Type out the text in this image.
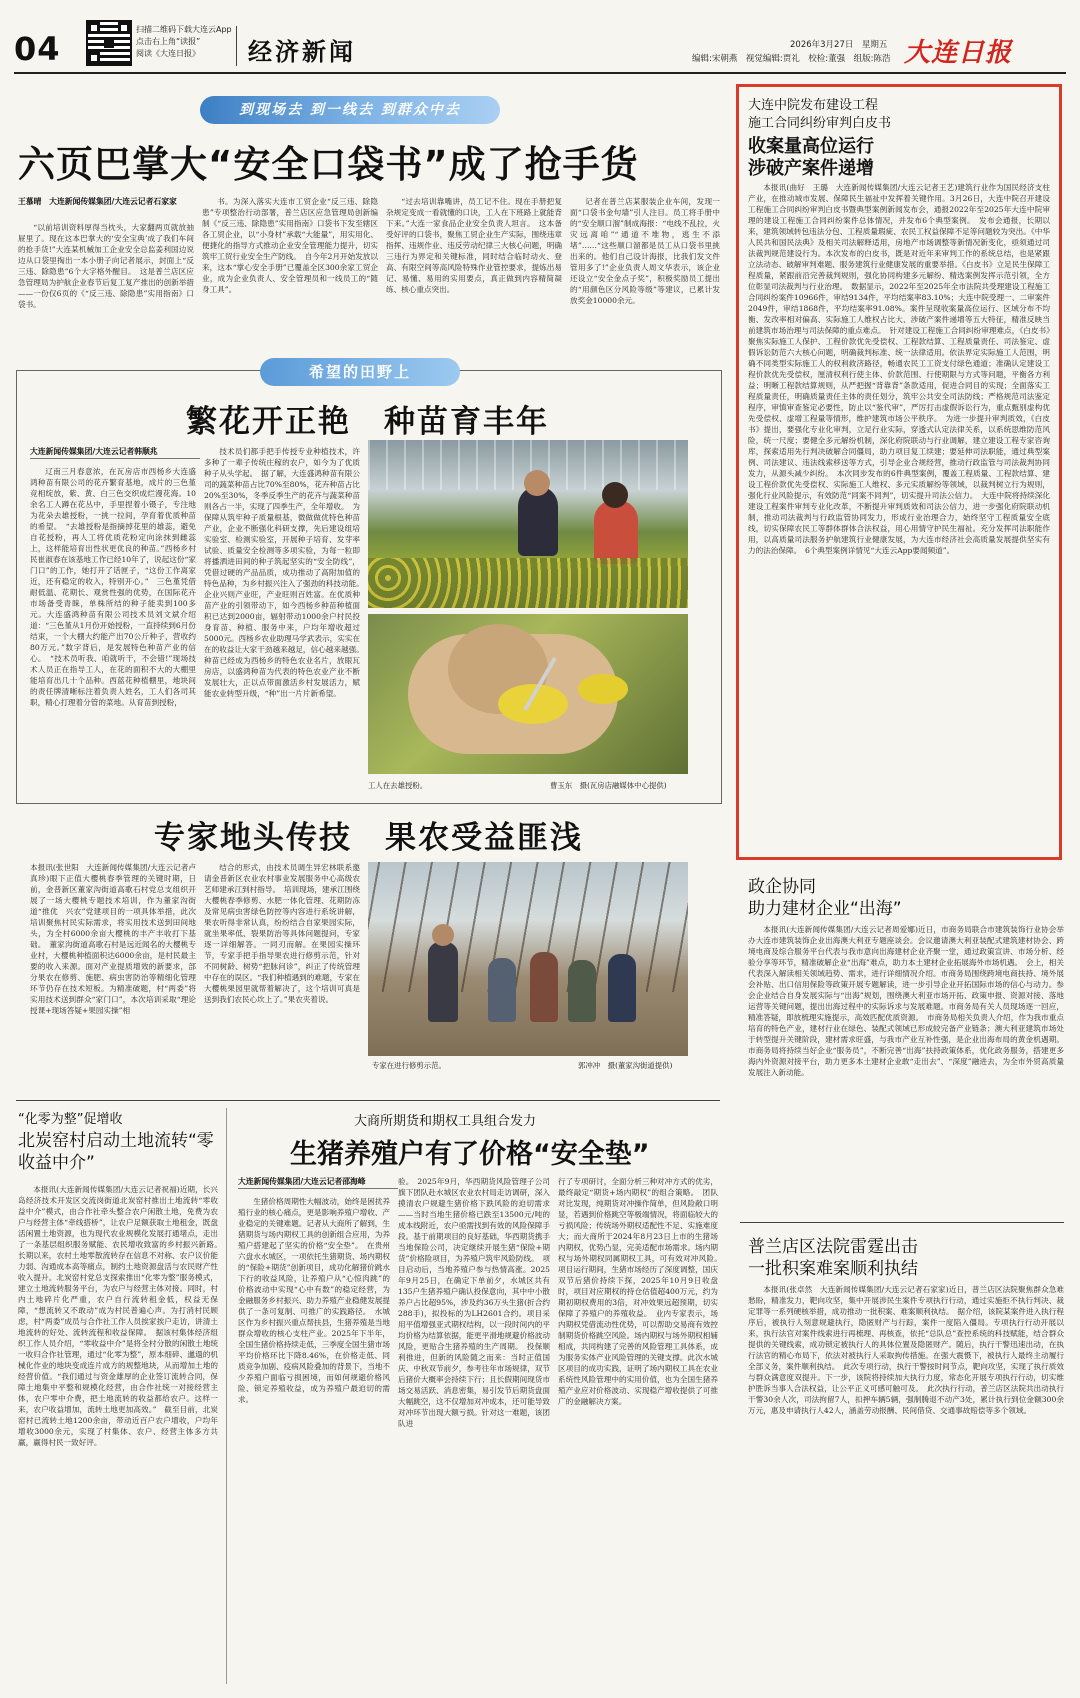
04
扫描二维码下载大连云App
点击右上角“读报”
阅读《大连日报》	经济新闻	2026年3月27日　星期五
编辑:宋朝燕　视觉编辑:贾礼　校检:董强　组版:陈浩 大连日报
到现场去 到一线去 到群众中去
六页巴掌大“安全口袋书”成了抢手货
王慕晴　大连新闻传媒集团/大连云记者石家家
“以前培训资料厚得当枕头，大家翻两页就放抽屉里了。现在这本巴掌大的‘安全宝典’成了我们车间的抢手货!”大连某机械加工企业安全总监姜利国边说边从口袋里掏出一本小册子向记者展示，封面上“反三违、除隐患”6个大字格外醒目。　这是普兰店区应急管理局为护航企业春节后复工复产推出的创新举措——一份仅6页的《“反三违、除隐患”实用指南》口袋书。
书。为深入落实大连市工贸企业“反三违、除隐患”专项整治行动部署，普兰店区应急管理局创新编制《“反三违、除隐患”实用指南》口袋书下发至辖区各工贸企业，以“小身材”承载“大能量”，用实用化、便捷化的指导方式推动企业安全管理能力提升，切实筑牢工贸行业安全生产防线。　自今年2月开始发放以来，这本“掌心安全手册”已覆盖全区300余家工贸企业，成为企业负责人、安全管理员和一线员工的“随身工具”。
“过去培训靠嘴讲，员工记不住。现在手册把复杂规定变成一看就懂的口诀，工人在下班路上就能背下来。”大连一家食品企业安全负责人坦言。　这本备受好评的口袋书，聚焦工贸企业生产实际，围绕违章指挥、违规作业、违反劳动纪律三大核心问题，明确三违行为界定和关键标准，同时结合临时动火、登高、有限空间等高风险特殊作业管控要求，提炼出易记、易懂、易用的实用要点，真正做到内容精简凝练、核心重点突出。
记者在普兰店某服装企业车间，发现一面“口袋书金句墙”引人注目。员工将手册中的“安全顺口溜”制成海报：“电线不乱拉，火灾远离咱”“通道不堆物，逃生不添堵”……“这些顺口溜都是员工从口袋书里挑出来的。他们自己设计海报，比我们发文件管用多了!”企业负责人周文华表示，该企业还设立“安全金点子奖”，积极奖励员工提出的“用颜色区分风险等级”等建议，已累计发放奖金10000余元。
希望的田野上
繁花开正艳　种苗育丰年
大连新闻传媒集团/大连云记者韩顺兆
辽南三月春意浓，在瓦房店市西杨乡大连盛鸿种苗有限公司的花卉繁育基地，成片的三色堇竞相绽放，紫、黄、白三色交织成烂漫花海。10余名工人蹲在花丛中，手里捏着小镊子，专注地为花朵去雄授粉，一挑一拉间，孕育着优质种苗的希望。　“去雄授粉是指摘掉花里的雄蕊，避免自花授粉，再人工将优质花粉定向涂抹到雌蕊上，这样能培育出性状更优良的种苗。”西杨乡村民崔淑春在该基地工作已经10年了，说起这份“家门口”的工作，她打开了话匣子，“这份工作离家近，还有稳定的收入，特别开心。”　三色堇凭借耐低温、花期长、观赏性强的优势，在国际花卉市场备受青睐，单株所结的种子能卖到100多元。大连盛鸿种苗有限公司技术员刘文斌介绍道：“三色堇从1月份开始授粉，一直持续到6月份结束，一个大棚大约能产出70公斤种子，营收约80万元。”数字背后，是发展特色种苗产业的信心。　“技术员听我、咱就听干，不会错!”现场技术人员正在指导工人，在花的面积不大的大棚里能培育出几十个品种。西蓝花种植棚里，地块间的责任牌清晰标注着负责人姓名，工人们各司其职，精心打理着分管的菜地。从育苗到授粉，
技术员们都手把手传授专业种植技术，许多种了一辈子传统庄稼的农户，如今为了优质种子从头学起。　据了解，大连盛鸿种苗有限公司的蔬菜种苗占比70%至80%，花卉种苗占比20%至30%，冬季反季生产的花卉与蔬菜种苗则各占一半，实现了四季生产，全年增收。　为保障从筑牢种子质量根基，微做做优特色种苗产业，企业不断强化科研支撑，先后建设组培实验室、检测实验室，开展种子培育、发芽率试验、质量安全检测等多项实验，为每一粒即将播洒进田间的种子筑起坚实的“安全防线”，凭借过硬的产品品质，成功推动了高附加值的特色品种，为乡村振兴注入了强劲的科技动能。　企业兴则产业旺，产业旺则百姓富。在优质种苗产业的引领带动下，如今西杨乡种苗种植面积已达到2000亩，辐射带动1000余户村民投身育苗、种植、服务中来，户均年增收超过5000元。西杨乡农业助理马学武表示，实实在在的收益让大家干劲越来越足，信心越来越强。　种苗已经成为西杨乡的特色农业名片，放眼瓦房店，以盛鸿种苗为代表的特色农业产业不断发展壮大，正以点带面激活乡村发展活力，赋能农业转型升级，“种”出一片片新希望。
工人在去雄授粉。	曹玉东　摄(瓦房店融媒体中心提供)
专家地头传技　果农受益匪浅
本报讯(张世阳　大连新闻传媒集团/大连云记者卢真珍)眼下正值大樱桃春季管理的关键时期，日前，金普新区董家沟街道高歌石村党总支组织开展了一场大樱桃专题技术培训，作为董家沟街道“推优　兴农”党建项目的一项具体举措，此次培训聚焦村民实际需求，将实用技术送到田间地头，为全村6000余亩大樱桃的丰产丰收打下基础。　董家沟街道高歌石村是远近闻名的大樱桃专业村，大樱桃种植面积达6000余亩，是村民最主要的收入来源。面对产业提质增效的新要求，部分果农在修剪、施肥、病虫害防治等精细化管理环节仍存在技术短板。为精准破题，村“两委”将实用技术送到群众“家门口”，本次培训采取“理论授课+现场答疑+果园实操”相
结合的形式，由技术员调生异宏林联系邀请金普新区农业农村事业发展服务中心高级农艺师建承江到村指导。　培训现场，建承江围绕大樱桃春季修剪、水肥一体化管理、花期防冻及常见病虫害绿色防控等内容进行系统讲解，果农听得非常认真，纷纷结合自家果园实际，就坐果率低、裂果防治等具体问题提问，专家逐一详细解答。一同刃而解。在果园实操环节，专家手把手指导果农进行修剪示范，针对不同树龄、树势“把脉问诊”，纠正了传统管理中存在的误区。“我们种植遇到的难题，专家在大樱桃果园里就帮着解决了，这个培训可真是送到我们农民心坎上了。”果农夹着说。
专家在进行修剪示范。	郭冲冲　摄(董家沟街道提供)
“化零为整”促增收
北炭窑村启动土地流转“零收益中介”
本报讯(大连新闻传媒集团/大连云记者祝福)近期，长兴岛经济技术开发区交流岗街道北炭窑村推出土地流转“零收益中介”模式，由合作社牵头整合农户闲散土地，免费为农户与经营主体“牵线搭桥”，让农户足额获取土地租金，既盘活闲置土地资源，也为现代农业规模化发展打通堵点，走出了一条基层组织服务赋能、农民增收致富的乡村振兴新路。　长期以来，农村土地零散流转存在信息不对称、农户议价能力弱、沟通成本高等痛点，制约土地资源盘活与农民财产性收入提升。北炭窑村党总支探索推出“化零为整”服务模式，建立土地流转服务平台，为农户与经营主体对接。同时，村内土地碎片化严重，农户自行流转租金低，权益无保障，“想流转又不敢动”成为村民普遍心声。为打消村民顾虑，村“两委”成员与合作社工作人员挨家挨户走访，讲清土地流转的好处、流转流程和收益保障。　据该村集体经济组织工作人员介绍，“零收益中介”是将全村分散的闲散土地统一收归合作社管理，通过“化零为整”，原本细碎、邋遢的机械化作业的地块变成连片成方的规整地块，从而增加土地的经营价值。“我们通过与资金雄厚的企业签订流转合同，保障土地集中平整和规模化经营，由合作社统一对接经营主体，农户零中介费，把土地流转的收益都给农户。这样一来，农户收益增加，流转土地更加高效。”　截至目前，北炭窑村已流转土地1200余亩，带动近百户农户增收，户均年增收3000余元，实现了村集体、农户、经营主体多方共赢，赢得村民一致好评。
大商所期货和期权工具组合发力
生猪养殖户有了价格“安全垫”
大连新闻传媒集团/大连云记者邵海峰
生猪价格周期性大幅波动，始终是困扰养殖行业的核心痛点，更是影响养殖户增收、产业稳定的关键难题。记者从大商所了解到，生猪期货与场内期权工具的创新组合应用，为养殖户搭建起了坚实的价格“安全垫”。　在贵州六盘水水城区，一项依托生猪期货、场内期权的“保险+期货”创新项目，成功化解猪价跳水下行的收益风险，让养殖户从“心惊肉跳”的价格波动中实现“心中有数”的稳定经营，为金融服务乡村振兴、助力养殖产业稳健发展提供了一条可复制、可推广的实践路径。　水城区作为乡村振兴重点帮扶县，生猪养殖是当地群众增收的核心支柱产业。2025年下半年，全国生猪价格持续走低，三季度全国生猪市场平均价格环比下降8.46%，在价格走低、同质竞争加剧、疫病风险叠加的背景下，当地不少养殖户面临亏损困境，而如何规避价格风险、锁定养殖收益，成为养殖户最迫切的需求。
验。　2025年9月，华西期货风险管理子公司旗下团队赴水城区农业农村局走访调研，深入摸清农户规避生猪价格下跌风险的迫切需求——当时当地生猪价格已跌至13500元/吨的成本线附近，农户亟需找到有效的风险保障手段。基于前期项目的良好基础，华西期货携手当地保险公司，决定继续开展生猪“保险+期货”价格险项目，为养殖户筑牢风险防线。　项目启动后，当地养殖户参与热情高涨。2025年9月25日，在确定下单前夕，水城区共有135户生猪养殖户确认投保意向，其中中小散养户占比超95%，涉及约36万头生猪(折合约288手)，拟投标的为LH2601合约。项目采用平值增强亚式期权结构，以一段时间内的平均价格为结算依据，能更平滑地规避价格波动风险，更贴合生猪养殖的生产周期。　投保顺利推进，但新的风险随之而来：当时正值国庆、中秋双节前夕，参考往年市场规律，双节后猪价大概率会持续下行；且长假期间现货市场交易活跃、消息密集，易引发节后期货盘面大幅跳空，这不仅增加对冲成本，还可能导致对冲环节出现大额亏损。针对这一难题，该团队进
行了专项研讨，全面分析三种对冲方式的优劣，最终敲定“期货+场内期权”的组合策略。　团队对比发现，纯期货对冲操作简单，但风险敞口明显，若遇到价格跳空等极端情况，将面临较大的亏损风险；传统场外期权适配性不足、实施难度大；而大商所于2024年8月23日上市的生猪场内期权，优势凸显，完美适配市场需求。场内期权与场外期权同属期权工具，可有效对冲风险。　项目运行期间，生猪市场经历了深度调整，国庆双节后猪价持续下探，2025年10月9日收盘时，项目对应期权的持仓估值超400万元，约为期初期权费用的3倍，对冲效果远超预期，切实保障了养殖户的养殖收益。　业内专家表示，场内期权凭借流动性优势，可以帮助交易商有效控制期货价格跳空风险。场内期权与场外期权相辅相成，共同构建了完善的风险管理工具体系，成为服务实体产业风险管理的关键支撑。此次水城区项目的成功实践，证明了场内期权工具在农业系统性风险管理中的实用价值，也为全国生猪养殖产业应对价格波动、实现稳产增收提供了可推广的金融解决方案。
大连中院发布建设工程
施工合同纠纷审判白皮书
收案量高位运行
涉破产案件递增
本报讯(曲好　王璐　大连新闻传媒集团/大连云记者王艺)建筑行业作为国民经济支柱产业，在推动城市发展、保障民生福祉中发挥着关键作用。3月26日，大连中院召开建设工程施工合同纠纷审判白皮书暨典型案例新闻发布会，通报2022年至2025年大连中院审理的建设工程施工合同纠纷案件总体情况，并发布6个典型案例。　发布会通报，长期以来，建筑领域转包违法分包、工程质量瑕疵、农民工权益保障不足等问题较为突出。《中华人民共和国民法典》及相关司法解释适用，房地产市场调整等新情况新变化，亟须通过司法裁判规范建设行为。本次发布的白皮书，既是对近年来审判工作的系统总结，也是紧跟立法动态、破解审判难题、服务建筑行业健康发展的重要举措。《白皮书》立足民生保障工程质量，紧跟前沿完善裁判规则，强化协同构建多元解纷、精选案例发挥示范引领，全方位彰显司法裁判与行业治理。　数据显示，2022年至2025年全市法院共受理建设工程施工合同纠纷案件10966件，审结9134件，平均结案率83.10%；大连中院受理一、二审案件2049件，审结1868件，平均结案率91.08%。案件呈现收案量高位运行、区域分布不均衡、发改率相对偏高、实际施工人维权占比大、涉破产案件递增等五大特征，精准反映当前建筑市场治理与司法保障的重点难点。　针对建设工程施工合同纠纷审理难点，《白皮书》聚焦实际施工人保护、工程价款优先受偿权、工程款结算、工程质量责任、司法鉴定、虚假诉讼防范六大核心问题，明确裁判标准、统一法律适用。依法界定实际施工人范围，明确不同类型实际施工人的权利救济路径，畅通农民工工资支付绿色通道；准确认定建设工程价款优先受偿权，厘清权利行使主体、价款范围、行使期限与方式等问题，平衡各方利益；明晰工程款结算规则，从严把握“背靠背”条款适用，促进合同目的实现；全面落实工程质量责任，明确质量责任主体的责任划分，筑牢公共安全司法防线；严格规范司法鉴定程序，审慎审查鉴定必要性，防止以“鉴代审”，严厉打击虚假诉讼行为，重点甄别虚构优先受偿权、虚增工程量等情形，维护建筑市场公平秩序。　为进一步提升审判质效，《白皮书》提出，要强化专业化审判，立足行业实际，穿透式认定法律关系，以系统思维防范风险，统一尺度；要健全多元解纷机制，深化府院联动与行业调解，建立建设工程专家咨询库，探索适用先行判决破解合同僵局，助力项目复工续建；要延伸司法职能，通过典型案例、司法建议、违法线索移送等方式，引导企业合规经营，推动行政监管与司法裁判协同发力，从源头减少纠纷。　本次同步发布的6件典型案例，覆盖工程质量、工程款结算、建设工程价款优先受偿权、实际施工人维权、多元实质解纷等领域，以裁判树立行为规则，强化行业风险提示，有效防范“同案不同判”，切实提升司法公信力。　大连中院将持续深化建设工程案件审判专业化改革，不断提升审判质效和司法公信力，进一步强化府院联动机制，推动司法裁判与行政监管协同发力，形成行业治理合力，始终坚守工程质量安全底线，切实保障农民工等群体群体合法权益，用心用情守护民生福祉。充分发挥司法职能作用，以高质量司法服务护航建筑行业健康发展，为大连市经济社会高质量发展提供坚实有力的法治保障。　6个典型案例详情见“大连云App要闻频道”。
政企协同
助力建材企业“出海”
本报讯(大连新闻传媒集团/大连云记者周爱娜)近日，市商务局联合市建筑装饰行业协会举办大连市建筑装饰企业出海澳大利亚专题座谈会。会议邀请澳大利亚装配式建筑建材协会、跨境电商及综合服务平台代表与我市意向出海建材企业齐聚一堂，通过政策宣讲、市场分析、经验分享等环节，精准破解企业“出海”难点，助力本土建材企业拓展海外市场机遇。　会上，相关代表深入解读相关领域趋势、需求，进行详细情况介绍。市商务局围绕跨境电商扶持、境外展会补贴、出口信用保险等政策开展专题解读，进一步引导企业开拓国际市场的信心与动力。参会企业结合自身发展实际与“出海”规划，围绕澳大利亚市场开拓、政策申报、资源对接、落地运营等关键问题，提出出海过程中的实际诉求与发展难题。市商务局有关人员现场逐一回应，精准答疑，即放梳理实施提示，高效匹配优质资源。　市商务局相关负责人介绍，作为我市重点培育的特色产业，建材行业在绿色、装配式领域已形成较完备产业链条；澳大利亚建筑市场处于转型提升关键阶段，建材需求旺盛，与我市产业互补性强，是企业出海布局的黄金机遇期。市商务局将持续当好企业“服务员”，不断完善“出海”扶持政策体系，优化政务服务，搭建更多海内外资源对接平台，助力更多本土建材企业敢“走出去”、“深度”融进去，为全市外贸高质量发展注入新动能。
普兰店区法院雷霆出击
一批积案难案顺利执结
本报讯(张卓然　大连新闻传媒集团/大连云记者石家家)近日，普兰店区法院聚焦群众急难愁盼，精准发力，靶向攻坚，集中开展涉民生案件专项执行行动，通过实施拒不执行判决、裁定罪等一系列硬核举措，成功推动一批积案、难案顺利执结。　据介绍，该院某案件进入执行程序后，被执行人刻意规避执行，隐匿财产与行踪，案件一度陷入僵局。专项执行行动开展以来，执行法官对案件线索进行再梳理、再核查，依托“总队总”查控系统的科技赋能，结合群众提供的关键线索，成功锁定被执行人的具体位置及隐匿财产。随后，执行干警迅速出动，在执行法官的精心布局下，依法对被执行人采取拘传措施。在强大震慑下，被执行人最终主动履行全部义务，案件顺利执结。　此次专项行动，执行干警按时间节点，靶向攻坚，实现了执行质效与群众满意度双提升。下一步，该院将持续加大执行力度，常态化开展专项执行行动，切实维护胜诉当事人合法权益，让公平正义可感可触可及。　此次执行行动，普兰店区法院共出动执行干警30余人次，司法拘留7人，扣押车辆5辆，强制腾退不动产3处，累计执行到位金额300余万元，惠及申请执行人42人，涵盖劳动报酬、民间借贷、交通事故赔偿等多个领域。
